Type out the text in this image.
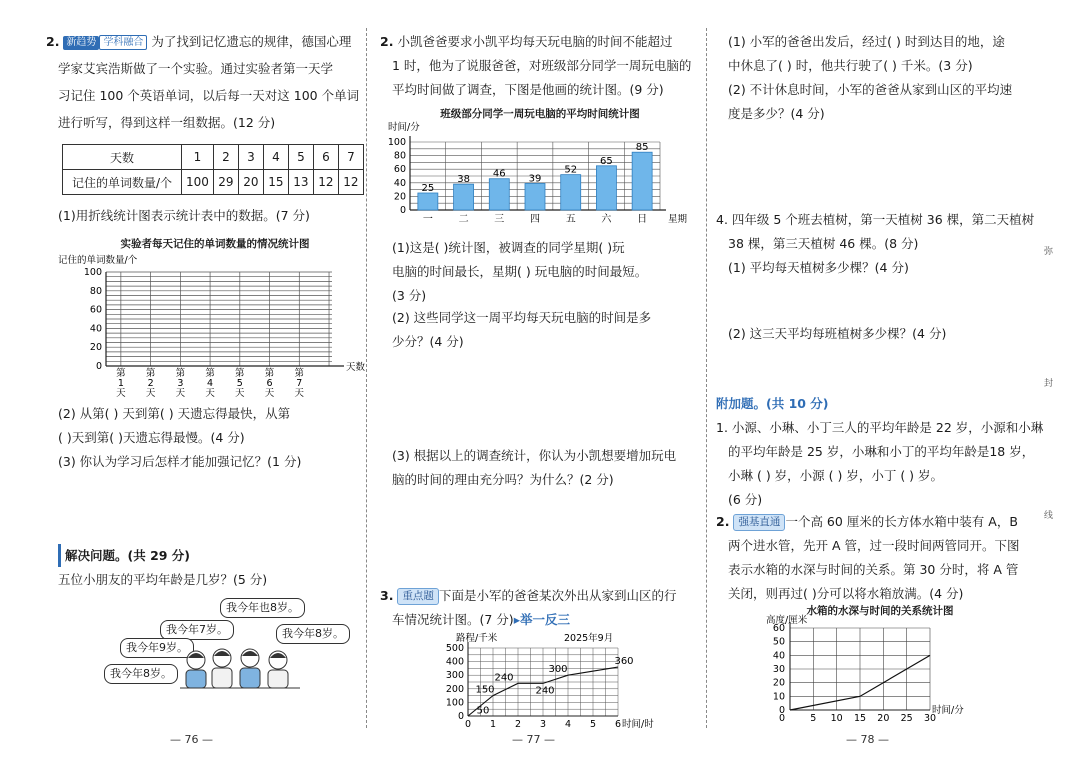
2. 新趋势 学科融合 为了找到记忆遗忘的规律，德国心理
学家艾宾浩斯做了一个实验。通过实验者第一天学
习记住 100 个英语单词，以后每一天对这 100 个单词
进行听写，得到这样一组数据。(12 分)
天数	1	2	3	4	5	6	7
记住的单词数量/个	100	29	20	15	13	12	12
(1)用折线统计图表示统计表中的数据。(7 分)
实验者每天记住的单词数量的情况统计图
记住的单词数量/个
0
20
40
60
80
100
第
1
天
第
2
天
第
3
天
第
4
天
第
5
天
第
6
天
第
7
天
天数
(2) 从第( ) 天到第( ) 天遗忘得最快，从第
( )天到第( )天遗忘得最慢。(4 分)
(3) 你认为学习后怎样才能加强记忆？(1 分)
解决问题。(共 29 分)
五位小朋友的平均年龄是几岁？(5 分)
我今年也8岁。
我今年7岁。	我今年8岁。
我今年9岁。
我今年8岁。
— 76 —
2. 小凯爸爸要求小凯平均每天玩电脑的时间不能超过
1 时，他为了说服爸爸，对班级部分同学一周玩电脑的
平均时间做了调查，下图是他画的统计图。(9 分)
班级部分同学一周玩电脑的平均时间统计图
时间/分
0
20
40
60
80
100
25
一
38
二
46
三
39
四
52
五
65
六
85
日 星期
(1)这是( )统计图，被调查的同学星期( )玩
电脑的时间最长，星期( ) 玩电脑的时间最短。
(3 分)
(2) 这些同学这一周平均每天玩电脑的时间是多
少分？(4 分)
(3) 根据以上的调查统计，你认为小凯想要增加玩电
脑的时间的理由充分吗？为什么？(2 分)
3. 重点题 下面是小军的爸爸某次外出从家到山区的行
车情况统计图。(7 分)▸举一反三
路程/千米	2025年9月
0
100
200
300
400
500
0 1 2 3 4 5 6 时间/时
150
240
240
300
360
50
— 77 —
(1) 小军的爸爸出发后，经过( ) 时到达目的地，途
中休息了( ) 时，他共行驶了( ) 千米。(3 分)
(2) 不计休息时间，小军的爸爸从家到山区的平均速
度是多少？(4 分)
4. 四年级 5 个班去植树，第一天植树 36 棵，第二天植树
38 棵，第三天植树 46 棵。(8 分)
(1) 平均每天植树多少棵？(4 分)
(2) 这三天平均每班植树多少棵？(4 分)
附加题。(共 10 分)
1. 小源、小琳、小丁三人的平均年龄是 22 岁，小源和小琳
的平均年龄是 25 岁，小琳和小丁的平均年龄是18 岁，
小琳 ( ) 岁，小源 ( ) 岁，小丁 ( ) 岁。
(6 分)
2. 强基直通 一个高 60 厘米的长方体水箱中装有 A，B
两个进水管，先开 A 管，过一段时间两管同开。下图
表示水箱的水深与时间的关系。第 30 分时，将 A 管
关闭，则再过( )分可以将水箱放满。(4 分)
水箱的水深与时间的关系统计图
高度/厘米
0
10
20
30
40
50
60
5 10 15 20 25 30
0
时间/分
— 78 —
弥
封
线
